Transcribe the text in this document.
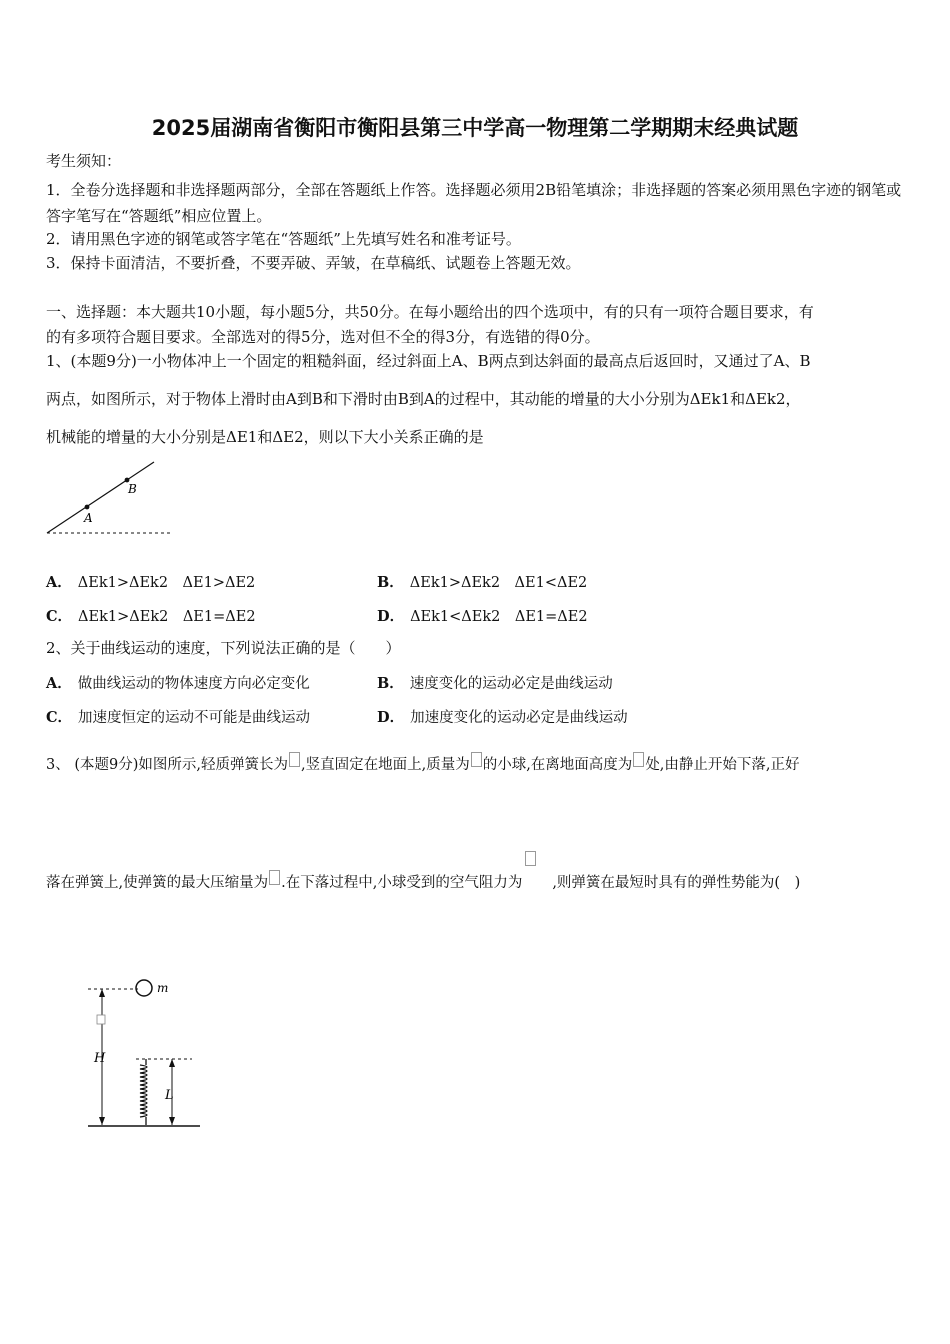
2025届湖南省衡阳市衡阳县第三中学高一物理第二学期期末经典试题
考生须知：
1．全卷分选择题和非选择题两部分，全部在答题纸上作答。选择题必须用2B铅笔填涂；非选择题的答案必须用黑色字迹的钢笔或答字笔写在“答题纸”相应位置上。
2．请用黑色字迹的钢笔或答字笔在“答题纸”上先填写姓名和准考证号。
3．保持卡面清洁，不要折叠，不要弄破、弄皱，在草稿纸、试题卷上答题无效。
一、选择题：本大题共10小题，每小题5分，共50分。在每小题给出的四个选项中，有的只有一项符合题目要求，有
的有多项符合题目要求。全部选对的得5分，选对但不全的得3分，有选错的得0分。
1、(本题9分)一小物体冲上一个固定的粗糙斜面，经过斜面上A、B两点到达斜面的最高点后返回时，又通过了A、B
两点，如图所示，对于物体上滑时由A到B和下滑时由B到A的过程中，其动能的增量的大小分别为ΔEk1和ΔEk2，
机械能的增量的大小分别是ΔE1和ΔE2，则以下大小关系正确的是
A
B
A． ΔEk1>ΔEk2　ΔE1>ΔE2	B． ΔEk1>ΔEk2　ΔE1<ΔE2
C． ΔEk1>ΔEk2　ΔE1=ΔE2	D． ΔEk1<ΔEk2　ΔE1=ΔE2
2、关于曲线运动的速度，下列说法正确的是（　　）
A． 做曲线运动的物体速度方向必定变化	B． 速度变化的运动必定是曲线运动
C． 加速度恒定的运动不可能是曲线运动	D． 加速度变化的运动必定是曲线运动
3、 (本题9分)如图所示,轻质弹簧长为 ,竖直固定在地面上,质量为 的小球,在离地面高度为 处,由静止开始下落,正好
落在弹簧上,使弹簧的最大压缩量为 .在下落过程中,小球受到的空气阻力为 ,则弹簧在最短时具有的弹性势能为(　)
m
H
L
